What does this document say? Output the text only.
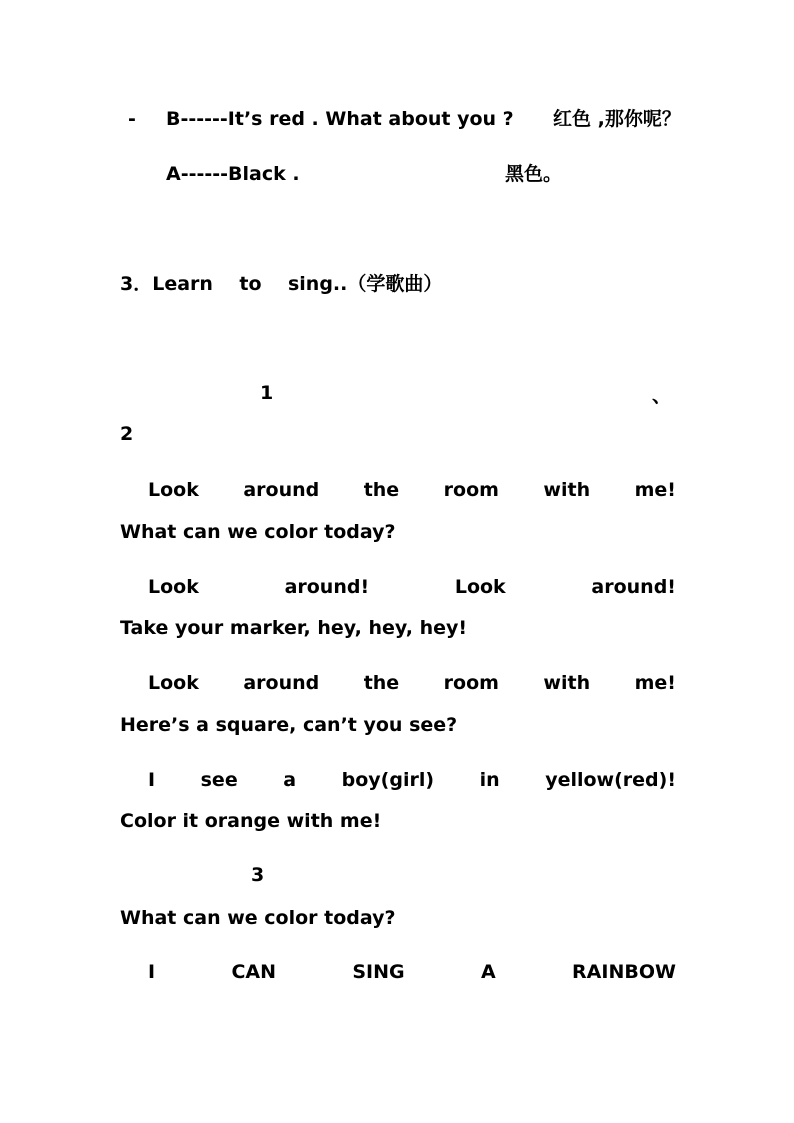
- B------It’s red . What about you ? 红色 ,那你呢？
A------Black .	黑色。
3．Learn    to    sing..（学歌曲）
1	、
2
Look around the room with me!
What can we color today?
Look	around!	Look	around!
Take your marker, hey, hey, hey!
Look around the room with me!
Here’s a square, can’t you see?
I see a boy(girl) in yellow(red)!
Color it orange with me!
3
What can we color today?
I	CAN	SING	A	RAINBOW
